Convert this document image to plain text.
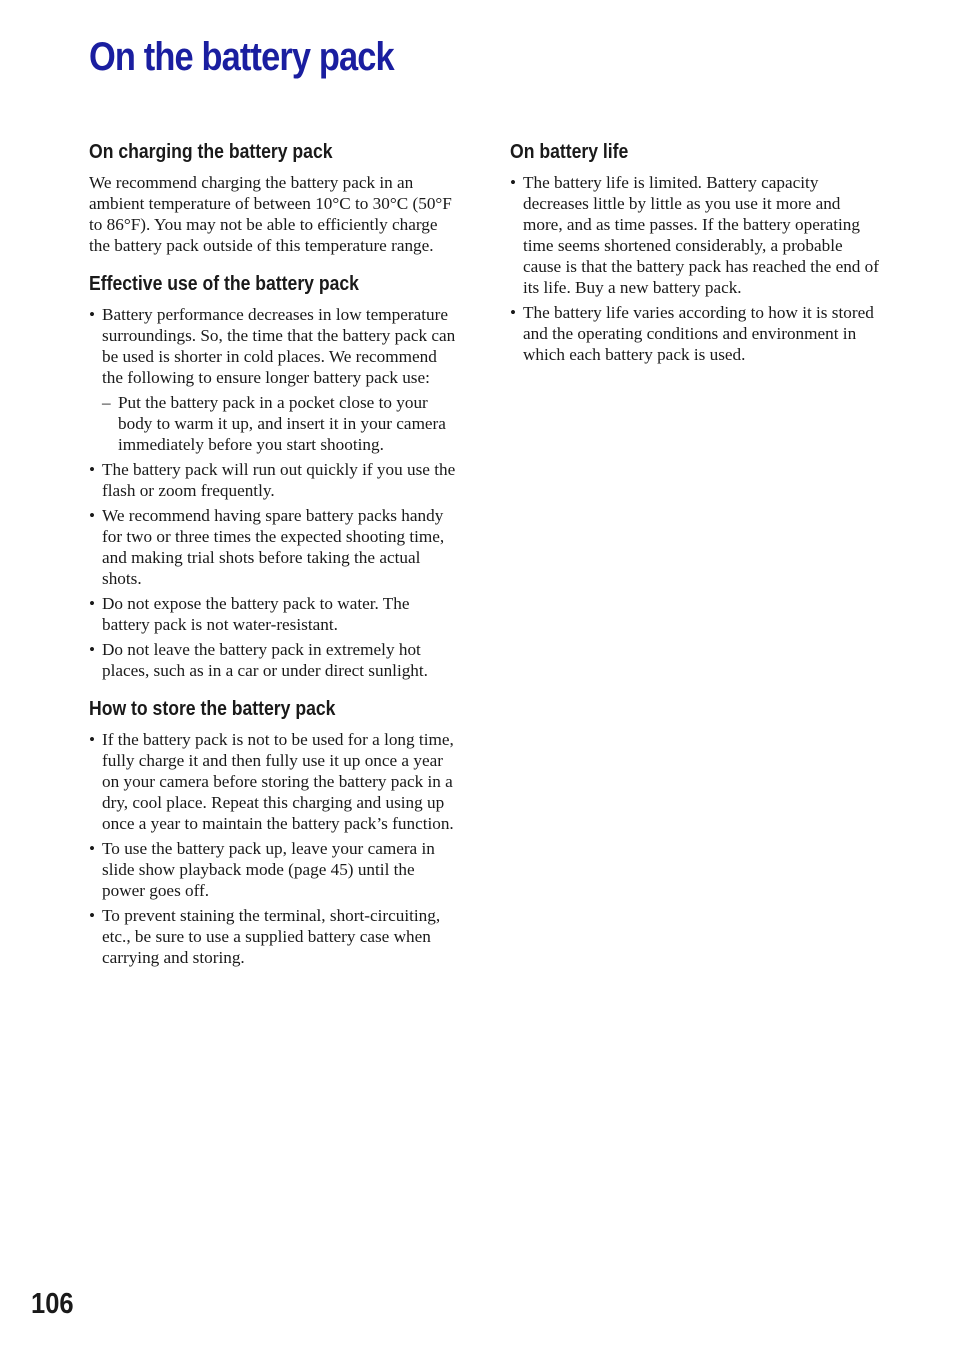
On the battery pack
On charging the battery pack

We recommend charging the battery pack in an ambient temperature of between 10°C to 30°C (50°F to 86°F). You may not be able to efficiently charge the battery pack outside of this temperature range.

Effective use of the battery pack
• Battery performance decreases in low temperature surroundings. So, the time that the battery pack can be used is shorter in cold places. We recommend the following to ensure longer battery pack use:
– Put the battery pack in a pocket close to your body to warm it up, and insert it in your camera immediately before you start shooting.
• The battery pack will run out quickly if you use the flash or zoom frequently.
• We recommend having spare battery packs handy for two or three times the expected shooting time, and making trial shots before taking the actual shots.
• Do not expose the battery pack to water. The battery pack is not water-resistant.
• Do not leave the battery pack in extremely hot places, such as in a car or under direct sunlight.
How to store the battery pack
• If the battery pack is not to be used for a long time, fully charge it and then fully use it up once a year on your camera before storing the battery pack in a dry, cool place. Repeat this charging and using up once a year to maintain the battery pack’s function.
• To use the battery pack up, leave your camera in slide show playback mode (page 45) until the power goes off.
• To prevent staining the terminal, short-circuiting, etc., be sure to use a supplied battery case when carrying and storing.
On battery life
• The battery life is limited. Battery capacity decreases little by little as you use it more and more, and as time passes. If the battery operating time seems shortened considerably, a probable cause is that the battery pack has reached the end of its life. Buy a new battery pack.
• The battery life varies according to how it is stored and the operating conditions and environment in which each battery pack is used.
106
